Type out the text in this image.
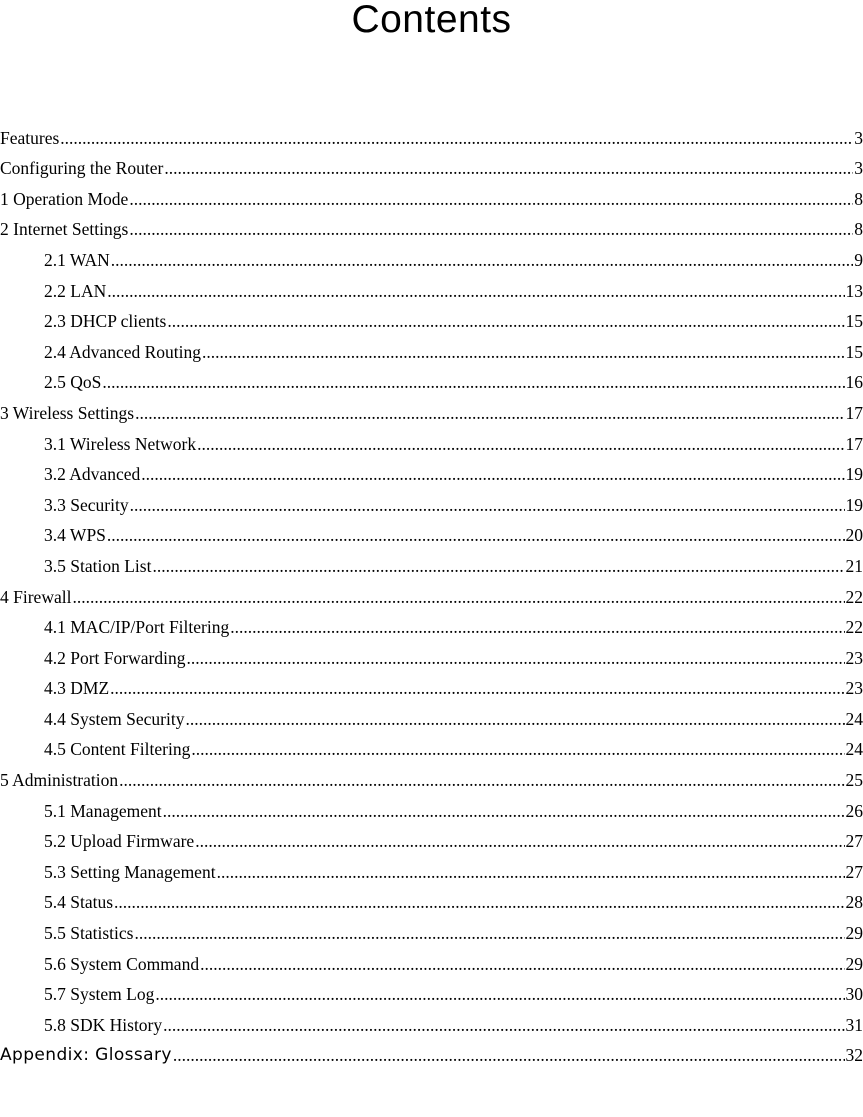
Contents
Features .....	3
Configuring the Router .....	3
1 Operation Mode .....	8
2 Internet Settings .....	8
2.1 WAN .....	9
2.2 LAN .....	13
2.3 DHCP clients .....	15
2.4 Advanced Routing .....	15
2.5 QoS .....	16
3 Wireless Settings .....	17
3.1 Wireless Network .....	17
3.2 Advanced .....	19
3.3 Security .....	19
3.4 WPS .....	20
3.5 Station List .....	21
4 Firewall .....	22
4.1 MAC/IP/Port Filtering .....	22
4.2 Port Forwarding .....	23
4.3 DMZ .....	23
4.4 System Security .....	24
4.5 Content Filtering .....	24
5 Administration .....	25
5.1 Management .....	26
5.2 Upload Firmware .....	27
5.3 Setting Management .....	27
5.4 Status .....	28
5.5 Statistics .....	29
5.6 System Command .....	29
5.7 System Log .....	30
5.8 SDK History .....	31
Appendix: Glossary .....	32
